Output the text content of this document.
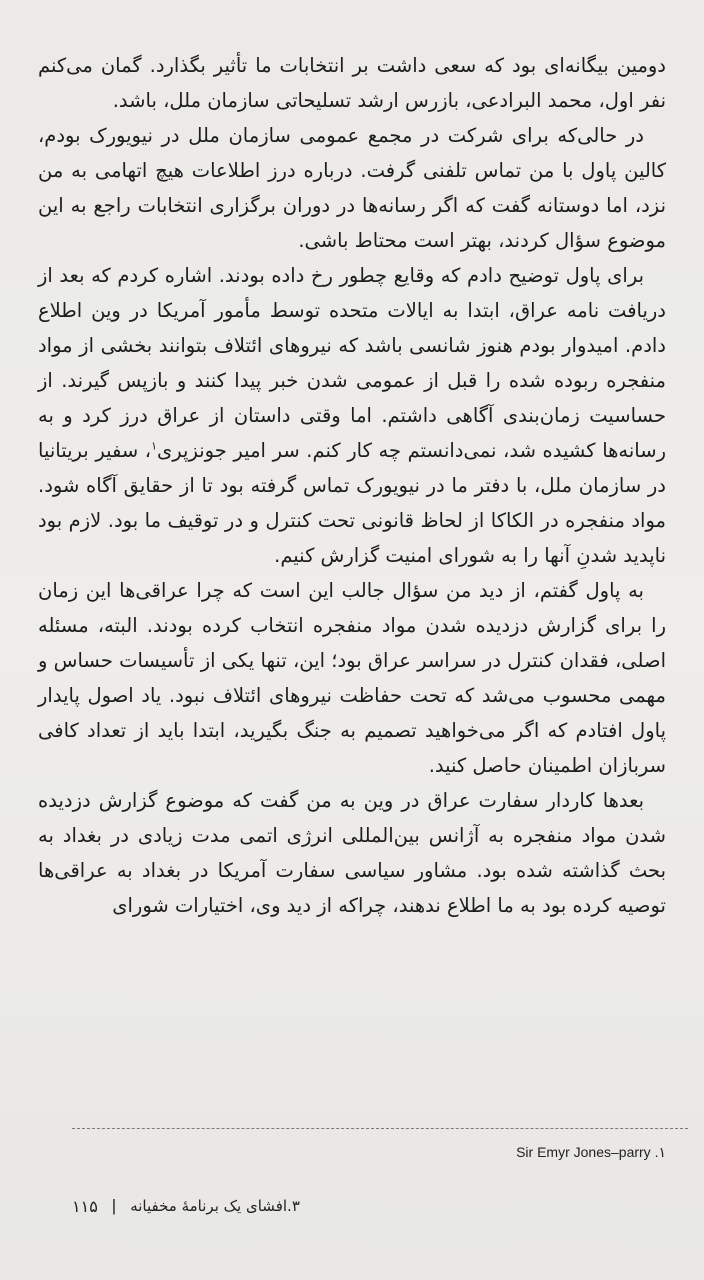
دومین بیگانه‌ای بود که سعی داشت بر انتخابات ما تأثیر بگذارد. گمان می‌کنم نفر اول، محمد البرادعی، بازرس ارشد تسلیحاتی سازمان ملل، باشد.

در حالی‌که برای شرکت در مجمع عمومی سازمان ملل در نیویورک بودم، کالین پاول با من تماس تلفنی گرفت. درباره درز اطلاعات هیچ اتهامی به من نزد، اما دوستانه گفت که اگر رسانه‌ها در دوران برگزاری انتخابات راجع به این موضوع سؤال کردند، بهتر است محتاط باشی.

برای پاول توضیح دادم که وقایع چطور رخ داده بودند. اشاره کردم که بعد از دریافت نامه عراق، ابتدا به ایالات متحده توسط مأمور آمریکا در وین اطلاع دادم. امیدوار بودم هنوز شانسی باشد که نیروهای ائتلاف بتوانند بخشی از مواد منفجره ربوده شده را قبل از عمومی شدن خبر پیدا کنند و بازپس گیرند. از حساسیت زمان‌بندی آگاهی داشتم. اما وقتی داستان از عراق درز کرد و به رسانه‌ها کشیده شد، نمی‌دانستم چه کار کنم. سر امیر جونزپری$^۱$، سفیر بریتانیا در سازمان ملل، با دفتر ما در نیویورک تماس گرفته بود تا از حقایق آگاه شود. مواد منفجره در الکاکا از لحاظ قانونی تحت کنترل و در توقیف ما بود. لازم بود ناپدید شدنِ آنها را به شورای امنیت گزارش کنیم.

به پاول گفتم، از دید من سؤال جالب این است که چرا عراقی‌ها این زمان را برای گزارش دزدیده شدن مواد منفجره انتخاب کرده بودند. البته، مسئله اصلی، فقدان کنترل در سراسر عراق بود؛ این، تنها یکی از تأسیسات حساس و مهمی محسوب می‌شد که تحت حفاظت نیروهای ائتلاف نبود. یاد اصول پایدار پاول افتادم که اگر می‌خواهید تصمیم به جنگ بگیرید، ابتدا باید از تعداد کافی سربازان اطمینان حاصل کنید.

بعدها کاردار سفارت عراق در وین به من گفت که موضوع گزارش دزدیده شدن مواد منفجره به آژانس بین‌المللی انرژی اتمی مدت زیادی در بغداد به بحث گذاشته شده بود. مشاور سیاسی سفارت آمریکا در بغداد به عراقی‌ها توصیه کرده بود به ما اطلاع ندهند، چراکه از دید وی، اختیارات شورای

Sir Emyr Jones–parry .۱
۱۱۵ | ۳.افشای یک برنامهٔ مخفیانه
